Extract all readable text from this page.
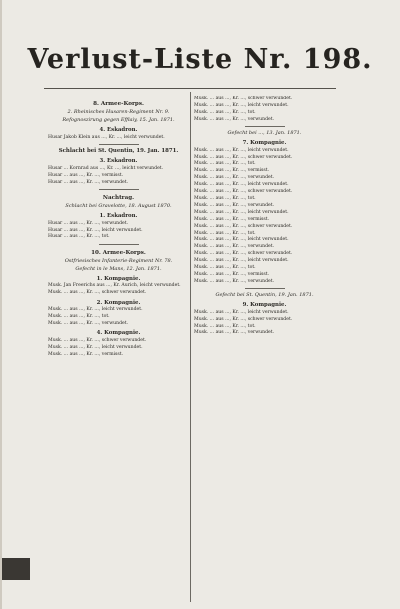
Verlust-Liste Nr. 198.
8. Armee-Korps.
2. Rheinisches Husaren-Regiment Nr. 9.
Refognoszirung gegen Efflaiy, 15. Jan. 1871.
4. Eskadron.
Husar Jakob Klein aus ..., Kr. ..., leicht verwundet.
Schlacht bei St. Quentin, 19. Jan. 1871.
3. Eskadron.
Husar ... Kornrad aus ..., Kr. ..., leicht verwundet.
Husar ... aus ..., Kr. ..., vermisst.
Husar ... aus ..., Kr. ..., verwundet.
Nachtrag.
Schlacht bei Gravelotte, 18. August 1870.
1. Eskadron.
Husar ... aus ..., Kr. ..., verwundet.
Husar ... aus ..., Kr. ..., leicht verwundet.
Husar ... aus ..., Kr. ..., tot.
10. Armee-Korps.
Ostfriesisches Infanterie-Regiment Nr. 78.
Gefecht in le Mans, 12. Jan. 1871.
1. Kompagnie.
Musk. Jan Freerichs aus ..., Kr. Aurich, leicht verwundet.
Musk. ... aus ..., Kr. ..., schwer verwundet.
2. Kompagnie.
Musk. ... aus ..., Kr. ..., leicht verwundet.
Musk. ... aus ..., Kr. ..., tot.
Musk. ... aus ..., Kr. ..., verwundet.
4. Kompagnie.
Musk. ... aus ..., Kr. ..., schwer verwundet.
Musk. ... aus ..., Kr. ..., leicht verwundet.
Musk. ... aus ..., Kr. ..., vermisst.
Musk. ... aus ..., Kr. ..., schwer verwundet.
Musk. ... aus ..., Kr. ..., leicht verwundet.
Musk. ... aus ..., Kr. ..., tot.
Musk. ... aus ..., Kr. ..., verwundet.
Gefecht bei ..., 13. Jan. 1871.
7. Kompagnie.
Musk. ... aus ..., Kr. ..., leicht verwundet.
Musk. ... aus ..., Kr. ..., schwer verwundet.
Musk. ... aus ..., Kr. ..., tot.
Musk. ... aus ..., Kr. ..., vermisst.
Musk. ... aus ..., Kr. ..., verwundet.
Musk. ... aus ..., Kr. ..., leicht verwundet.
Musk. ... aus ..., Kr. ..., schwer verwundet.
Musk. ... aus ..., Kr. ..., tot.
Musk. ... aus ..., Kr. ..., verwundet.
Musk. ... aus ..., Kr. ..., leicht verwundet.
Musk. ... aus ..., Kr. ..., vermisst.
Musk. ... aus ..., Kr. ..., schwer verwundet.
Musk. ... aus ..., Kr. ..., tot.
Musk. ... aus ..., Kr. ..., leicht verwundet.
Musk. ... aus ..., Kr. ..., verwundet.
Musk. ... aus ..., Kr. ..., schwer verwundet.
Musk. ... aus ..., Kr. ..., leicht verwundet.
Musk. ... aus ..., Kr. ..., tot.
Musk. ... aus ..., Kr. ..., vermisst.
Musk. ... aus ..., Kr. ..., verwundet.
Gefecht bei St. Quentin, 19. Jan. 1871.
9. Kompagnie.
Musk. ... aus ..., Kr. ..., leicht verwundet.
Musk. ... aus ..., Kr. ..., schwer verwundet.
Musk. ... aus ..., Kr. ..., tot.
Musk. ... aus ..., Kr. ..., verwundet.
